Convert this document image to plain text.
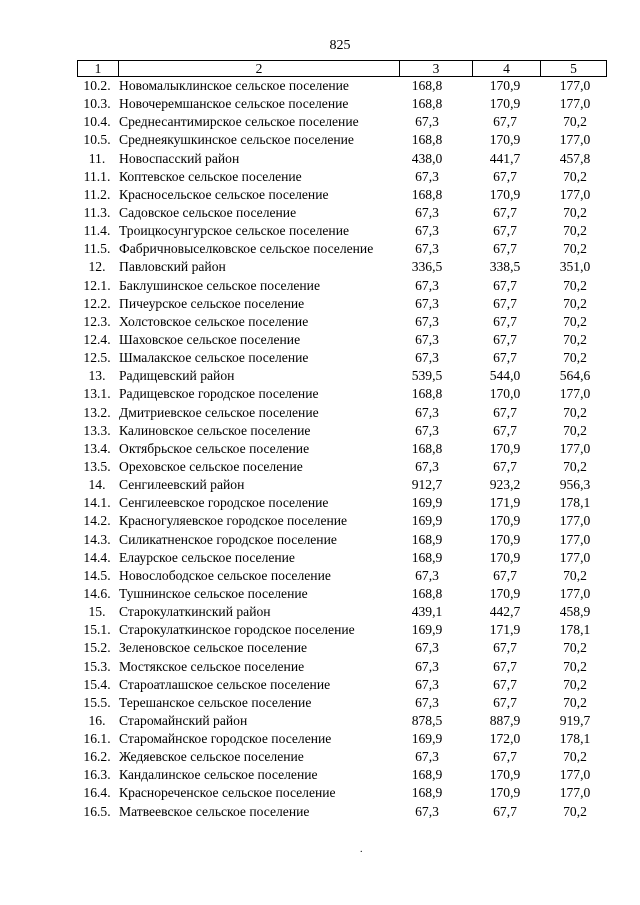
825
1	2	3	4	5
10.2. Новомалыклинское сельское поселение	168,8	170,9	177,0
10.3. Новочеремшанское сельское поселение	168,8	170,9	177,0
10.4. Среднесантимирское сельское поселение	67,3	67,7	70,2
10.5. Среднеякушкинское сельское поселение	168,8	170,9	177,0
11.	Новоспасский район	438,0	441,7	457,8
11.1. Коптевское сельское поселение	67,3	67,7	70,2
11.2. Красносельское сельское поселение	168,8	170,9	177,0
11.3. Садовское сельское поселение	67,3	67,7	70,2
11.4. Троицкосунгурское сельское поселение	67,3	67,7	70,2
11.5. Фабричновыселковское сельское поселение	67,3	67,7	70,2
12. Павловский район	336,5	338,5	351,0
12.1. Баклушинское сельское поселение	67,3	67,7	70,2
12.2. Пичеурское сельское поселение	67,3	67,7	70,2
12.3. Холстовское сельское поселение	67,3	67,7	70,2
12.4. Шаховское сельское поселение	67,3	67,7	70,2
12.5. Шмалакское сельское поселение	67,3	67,7	70,2
13. Радищевский район	539,5	544,0	564,6
13.1. Радищевское городское поселение	168,8	170,0	177,0
13.2. Дмитриевское сельское поселение	67,3	67,7	70,2
13.3. Калиновское сельское поселение	67,3	67,7	70,2
13.4. Октябрьское сельское поселение	168,8	170,9	177,0
13.5. Ореховское сельское поселение	67,3	67,7	70,2
14. Сенгилеевский район	912,7	923,2	956,3
14.1. Сенгилеевское городское поселение	169,9	171,9	178,1
14.2. Красногуляевское городское поселение	169,9	170,9	177,0
14.3. Силикатненское городское поселение	168,9	170,9	177,0
14.4. Елаурское сельское поселение	168,9	170,9	177,0
14.5. Новослободское сельское поселение	67,3	67,7	70,2
14.6. Тушнинское сельское поселение	168,8	170,9	177,0
15. Старокулаткинский район	439,1	442,7	458,9
15.1. Старокулаткинское городское поселение	169,9	171,9	178,1
15.2. Зеленовское сельское поселение	67,3	67,7	70,2
15.3. Мостякское сельское поселение	67,3	67,7	70,2
15.4. Староатлашское сельское поселение	67,3	67,7	70,2
15.5. Терешанское сельское поселение	67,3	67,7	70,2
16. Старомайнский район	878,5	887,9	919,7
16.1. Старомайнское городское поселение	169,9	172,0	178,1
16.2. Жедяевское сельское поселение	67,3	67,7	70,2
16.3. Кандалинское сельское поселение	168,9	170,9	177,0
16.4. Краснореченское сельское поселение	168,9	170,9	177,0
16.5. Матвеевское сельское поселение	67,3	67,7	70,2
.
